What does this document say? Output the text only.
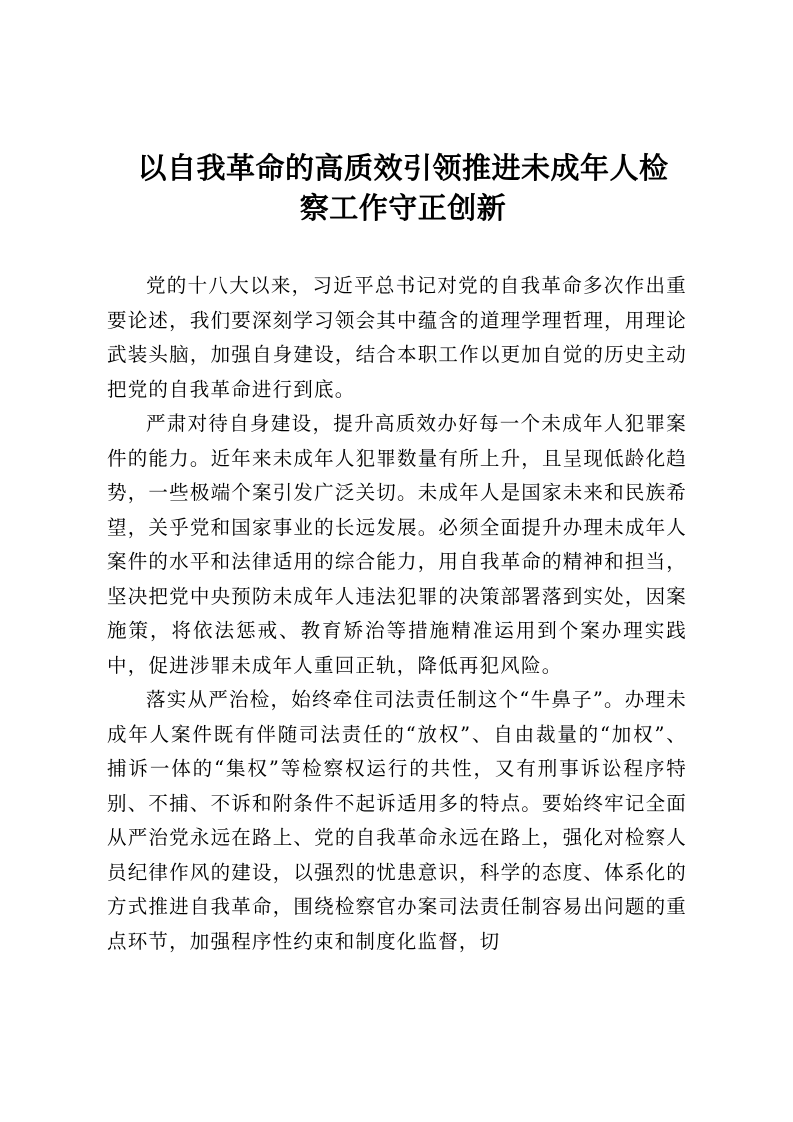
以自我革命的高质效引领推进未成年人检
察工作守正创新

党的十八大以来，习近平总书记对党的自我革命多次作出重要论述，我们要深刻学习领会其中蕴含的道理学理哲理，用理论武装头脑，加强自身建设，结合本职工作以更加自觉的历史主动把党的自我革命进行到底。

严肃对待自身建设，提升高质效办好每一个未成年人犯罪案件的能力。近年来未成年人犯罪数量有所上升，且呈现低龄化趋势，一些极端个案引发广泛关切。未成年人是国家未来和民族希望，关乎党和国家事业的长远发展。必须全面提升办理未成年人案件的水平和法律适用的综合能力，用自我革命的精神和担当，坚决把党中央预防未成年人违法犯罪的决策部署落到实处，因案施策，将依法惩戒、教育矫治等措施精准运用到个案办理实践中，促进涉罪未成年人重回正轨，降低再犯风险。

落实从严治检，始终牵住司法责任制这个“牛鼻子”。办理未成年人案件既有伴随司法责任的“放权”、自由裁量的“加权”、捕诉一体的“集权”等检察权运行的共性，又有刑事诉讼程序特别、不捕、不诉和附条件不起诉适用多的特点。要始终牢记全面从严治党永远在路上、党的自我革命永远在路上，强化对检察人员纪律作风的建设，以强烈的忧患意识，科学的态度、体系化的方式推进自我革命，围绕检察官办案司法责任制容易出问题的重点环节，加强程序性约束和制度化监督，切
